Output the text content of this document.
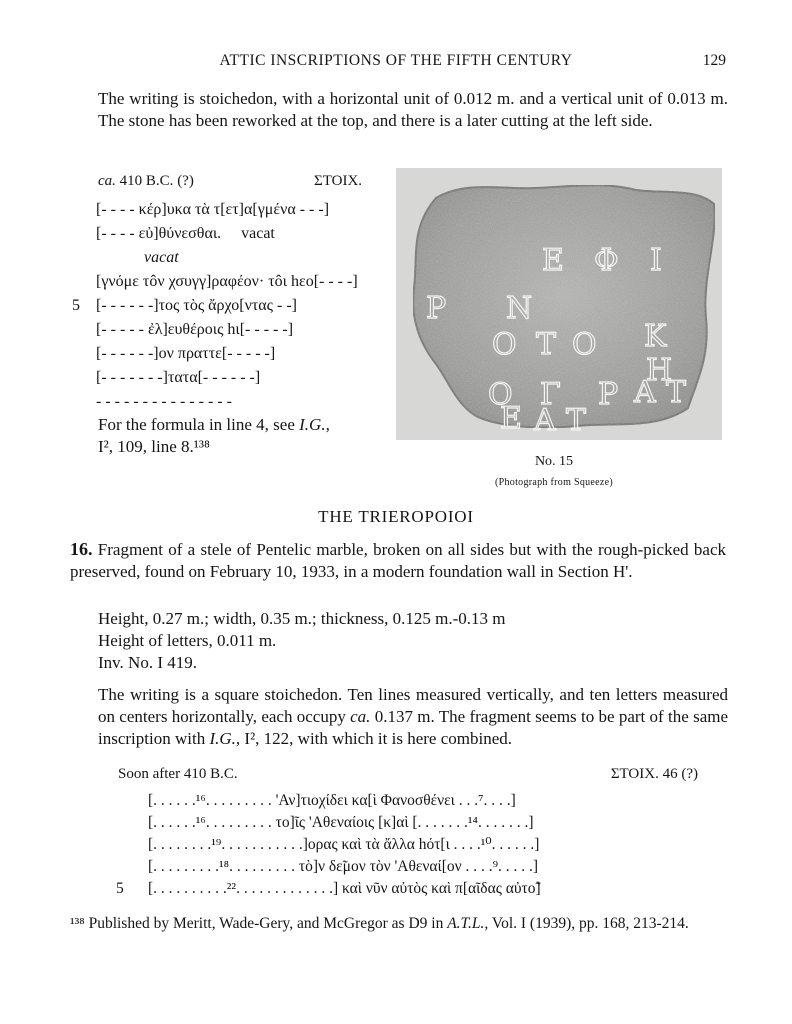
ATTIC INSCRIPTIONS OF THE FIFTH CENTURY	129
The writing is stoichedon, with a horizontal unit of 0.012 m. and a vertical unit of 0.013 m. The stone has been reworked at the top, and there is a later cutting at the left side.
ca. 410 B.C. (?)	ΣΤΟΙΧ.
[- - - - κέρ]υκα τὰ τ[ετ]α[γμένα - - -]
[- - - - εὐ]θύνεσθαι.     vacat
vacat
[γνόμε τôν χσυγγ]ραφέον· τôι hεο[- - - -]
5 [- - - - - -]τος τὸς ἄρχο[ντας - -]
[- - - - - ἐλ]ευθέροις hι[- - - - -]
[- - - - - -]ον πραττε[- - - - -]
[- - - - - - -]τατα[- - - - - -]
- - - - - - - - - - - - - - -
For the formula in line 4, see I.G.,
I², 109, line 8.¹³⁸
Ε Φ Ι
Ρ Ν
Ο Τ Ο Κ
Η
Ο Γ Ρ Α Τ
Ε Α Τ
No. 15
(Photograph from Squeeze)
THE TRIEROPOIOI
16. Fragment of a stele of Pentelic marble, broken on all sides but with the rough-picked back preserved, found on February 10, 1933, in a modern foundation wall in Section Η'.
Height, 0.27 m.; width, 0.35 m.; thickness, 0.125 m.-0.13 m
Height of letters, 0.011 m.
Inv. No. I 419.
The writing is a square stoichedon. Ten lines measured vertically, and ten letters measured on centers horizontally, each occupy ca. 0.137 m. The fragment seems to be part of the same inscription with I.G., I², 122, with which it is here combined.
Soon after 410 B.C.	ΣΤΟΙΧ. 46 (?)
[. . . . . .¹⁶. . . . . . . . . 'Αν]τιοχίδει κα[ὶ Φανοσθένει . . .⁷. . . .]
[. . . . . .¹⁶. . . . . . . . . το]ῖς 'Αθεναίοις [κ]αὶ [. . . . . . .¹⁴. . . . . . .]
[. . . . . . . .¹⁹. . . . . . . . . . .]ορας καὶ τὰ ἄλλα hότ[ι . . . .¹⁰. . . . . .]
[. . . . . . . . .¹⁸. . . . . . . . . τὸ]ν δε̃μον τὸν 'Αθεναί[ον . . . .⁹. . . . .]
5 [. . . . . . . . . .²². . . . . . . . . . . . .] καὶ νῦν αὐτὸς καὶ π[αῖδας αὐτο̃]
¹³⁸ Published by Meritt, Wade-Gery, and McGregor as D9 in A.T.L., Vol. I (1939), pp. 168, 213-214.
